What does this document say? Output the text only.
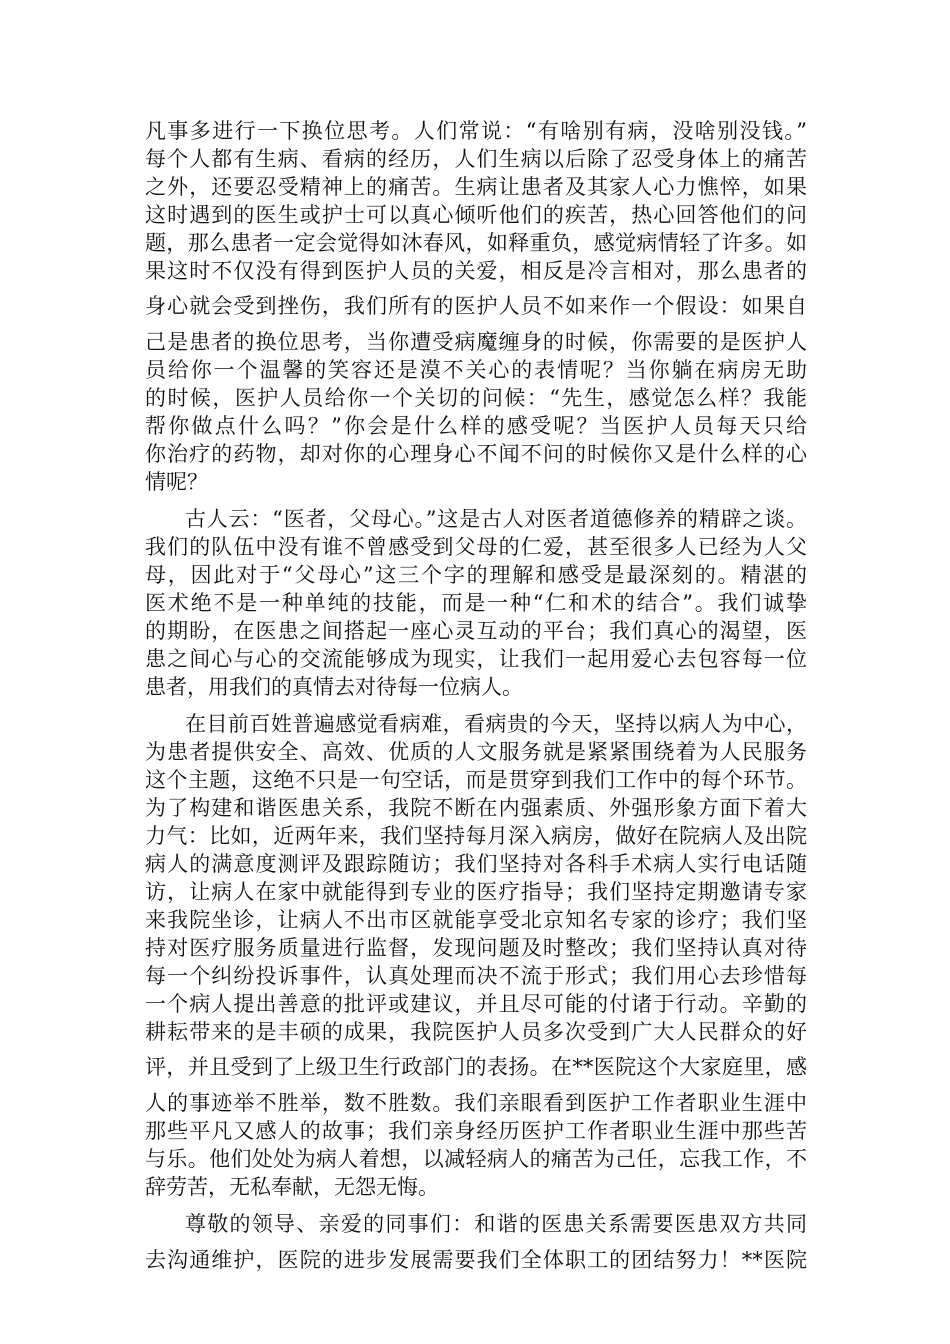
凡事多进行一下换位思考。人们常说：“有啥别有病，没啥别没钱。”
每个人都有生病、看病的经历，人们生病以后除了忍受身体上的痛苦
之外，还要忍受精神上的痛苦。生病让患者及其家人心力憔悴，如果
这时遇到的医生或护士可以真心倾听他们的疾苦，热心回答他们的问
题，那么患者一定会觉得如沐春风，如释重负，感觉病情轻了许多。如
果这时不仅没有得到医护人员的关爱，相反是冷言相对，那么患者的
身心就会受到挫伤，我们所有的医护人员不如来作一个假设：如果自
己是患者的换位思考，当你遭受病魔缠身的时候，你需要的是医护人
员给你一个温馨的笑容还是漠不关心的表情呢？当你躺在病房无助
的时候，医护人员给你一个关切的问候：“先生，感觉怎么样？我能
帮你做点什么吗？”你会是什么样的感受呢？当医护人员每天只给
你治疗的药物，却对你的心理身心不闻不问的时候你又是什么样的心
情呢？
古人云：“医者，父母心。”这是古人对医者道德修养的精辟之谈。
我们的队伍中没有谁不曾感受到父母的仁爱，甚至很多人已经为人父
母，因此对于“父母心”这三个字的理解和感受是最深刻的。精湛的
医术绝不是一种单纯的技能，而是一种“仁和术的结合”。我们诚挚
的期盼，在医患之间搭起一座心灵互动的平台；我们真心的渴望，医
患之间心与心的交流能够成为现实，让我们一起用爱心去包容每一位
患者，用我们的真情去对待每一位病人。
在目前百姓普遍感觉看病难，看病贵的今天，坚持以病人为中心，
为患者提供安全、高效、优质的人文服务就是紧紧围绕着为人民服务
这个主题，这绝不只是一句空话，而是贯穿到我们工作中的每个环节。
为了构建和谐医患关系，我院不断在内强素质、外强形象方面下着大
力气：比如，近两年来，我们坚持每月深入病房，做好在院病人及出院
病人的满意度测评及跟踪随访；我们坚持对各科手术病人实行电话随
访，让病人在家中就能得到专业的医疗指导；我们坚持定期邀请专家
来我院坐诊，让病人不出市区就能享受北京知名专家的诊疗；我们坚
持对医疗服务质量进行监督，发现问题及时整改；我们坚持认真对待
每一个纠纷投诉事件，认真处理而决不流于形式；我们用心去珍惜每
一个病人提出善意的批评或建议，并且尽可能的付诸于行动。辛勤的
耕耘带来的是丰硕的成果，我院医护人员多次受到广大人民群众的好
评，并且受到了上级卫生行政部门的表扬。在**医院这个大家庭里，感
人的事迹举不胜举，数不胜数。我们亲眼看到医护工作者职业生涯中
那些平凡又感人的故事；我们亲身经历医护工作者职业生涯中那些苦
与乐。他们处处为病人着想，以减轻病人的痛苦为己任，忘我工作，不
辞劳苦，无私奉献，无怨无悔。
尊敬的领导、亲爱的同事们：和谐的医患关系需要医患双方共同
去沟通维护，医院的进步发展需要我们全体职工的团结努力！**医院
